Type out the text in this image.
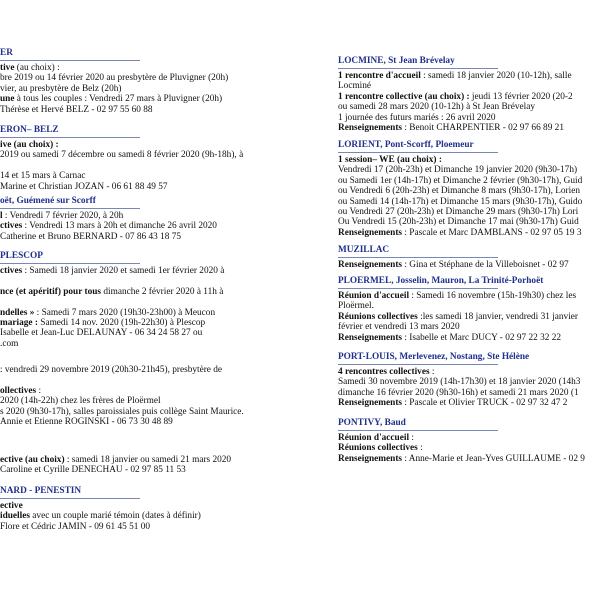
ER
tive (au choix) :
bre 2019 ou 14 février 2020 au presbytère de Pluvigner (20h)
vier, au presbytère de Belz (20h)
une à tous les couples : Vendredi 27 mars à Pluvigner (20h)
Thérèse et Hervé BELZ - 02 97 55 60 88
ERON– BELZ
ive (au choix) :
2019 ou samedi 7 décembre ou samedi 8 février 2020 (9h-18h), à
14 et 15 mars à Carnac
Marine et Christian JOZAN - 06 61 88 49 57
oët, Guémené sur Scorff
l : Vendredi 7 février 2020, à 20h
ctives : Vendredi 13 mars à 20h et dimanche 26 avril 2020
Catherine et Bruno BERNARD - 07 86 43 18 75
PLESCOP
ctives : Samedi 18 janvier 2020 et samedi 1er février 2020 à
nce (et apéritif) pour tous dimanche 2 février 2020 à 11h à
ndelles » : Samedi 7 mars 2020 (19h30-23h00) à Meucon
mariage : Samedi 14 nov. 2020 (19h-22h30) à Plescop
Isabelle et Jean-Luc DELAUNAY - 06 34 24 58 27 ou
.com
: vendredi 29 novembre 2019 (20h30-21h45), presbytère de
ollectives :
2020 (14h-22h) chez les frères de Ploërmel
s 2020 (9h30-17h), salles paroissiales puis collège Saint Maurice.
Annie et Etienne ROGINSKI - 06 73 30 48 89
ective (au choix) : samedi 18 janvier ou samedi 21 mars 2020
Caroline et Cyrille DENECHAU - 02 97 85 11 53
NARD - PENESTIN
ective
iduelles avec un couple marié témoin (dates à définir)
Flore et Cédric JAMIN - 09 61 45 51 00
LOCMINE, St Jean Brévelay
1 rencontre d'accueil : samedi 18 janvier 2020 (10-12h), salle
Locminé
1 rencontre collective (au choix) : jeudi 13 février 2020 (20-2
ou samedi 28 mars 2020 (10-12h) à St Jean Brévelay
1 journée des futurs mariés : 26 avril 2020
Renseignements : Benoit CHARPENTIER - 02 97 66 89 21
LORIENT, Pont-Scorff, Ploemeur
1 session– WE (au choix) :
Vendredi 17 (20h-23h) et Dimanche 19 janvier 2020 (9h30-17h)
ou Samedi 1er (14h-17h) et Dimanche 2 février (9h30-17h), Guid
ou Vendredi 6 (20h-23h) et Dimanche 8 mars (9h30-17h), Lorien
ou Samedi 14 (14h-17h) et Dimanche 15 mars (9h30-17h), Guido
ou Vendredi 27 (20h-23h) et Dimanche 29 mars (9h30-17h) Lori
Ou Vendredi 15 (20h-23h) et Dimanche 17 mai (9h30-17h) Guid
Renseignements : Pascale et Marc DAMBLANS - 02 97 05 19 3
MUZILLAC
Renseignements : Gina et Stéphane de la Villeboisnet - 02 97
PLOERMEL, Josselin, Mauron, La Trinité-Porhoët
Réunion d'accueil : Samedi 16 novembre (15h-19h30) chez les
Ploërmel.
Réunions collectives :les samedi 18 janvier, vendredi 31 janvier
février et vendredi 13 mars 2020
Renseignements : Isabelle et Marc DUCY - 02 97 22 32 22
PORT-LOUIS, Merlevenez, Nostang, Ste Hélène
4 rencontres collectives :
Samedi 30 novembre 2019 (14h-17h30) et 18 janvier 2020 (14h3
dimanche 16 février 2020 (9h30-16h) et samedi 21 mars 2020 (1
Renseignements : Pascale et Olivier TRUCK - 02 97 32 47 2
PONTIVY, Baud
Réunion d'accueil :
Réunions collectives :
Renseignements : Anne-Marie et Jean-Yves GUILLAUME - 02 9
